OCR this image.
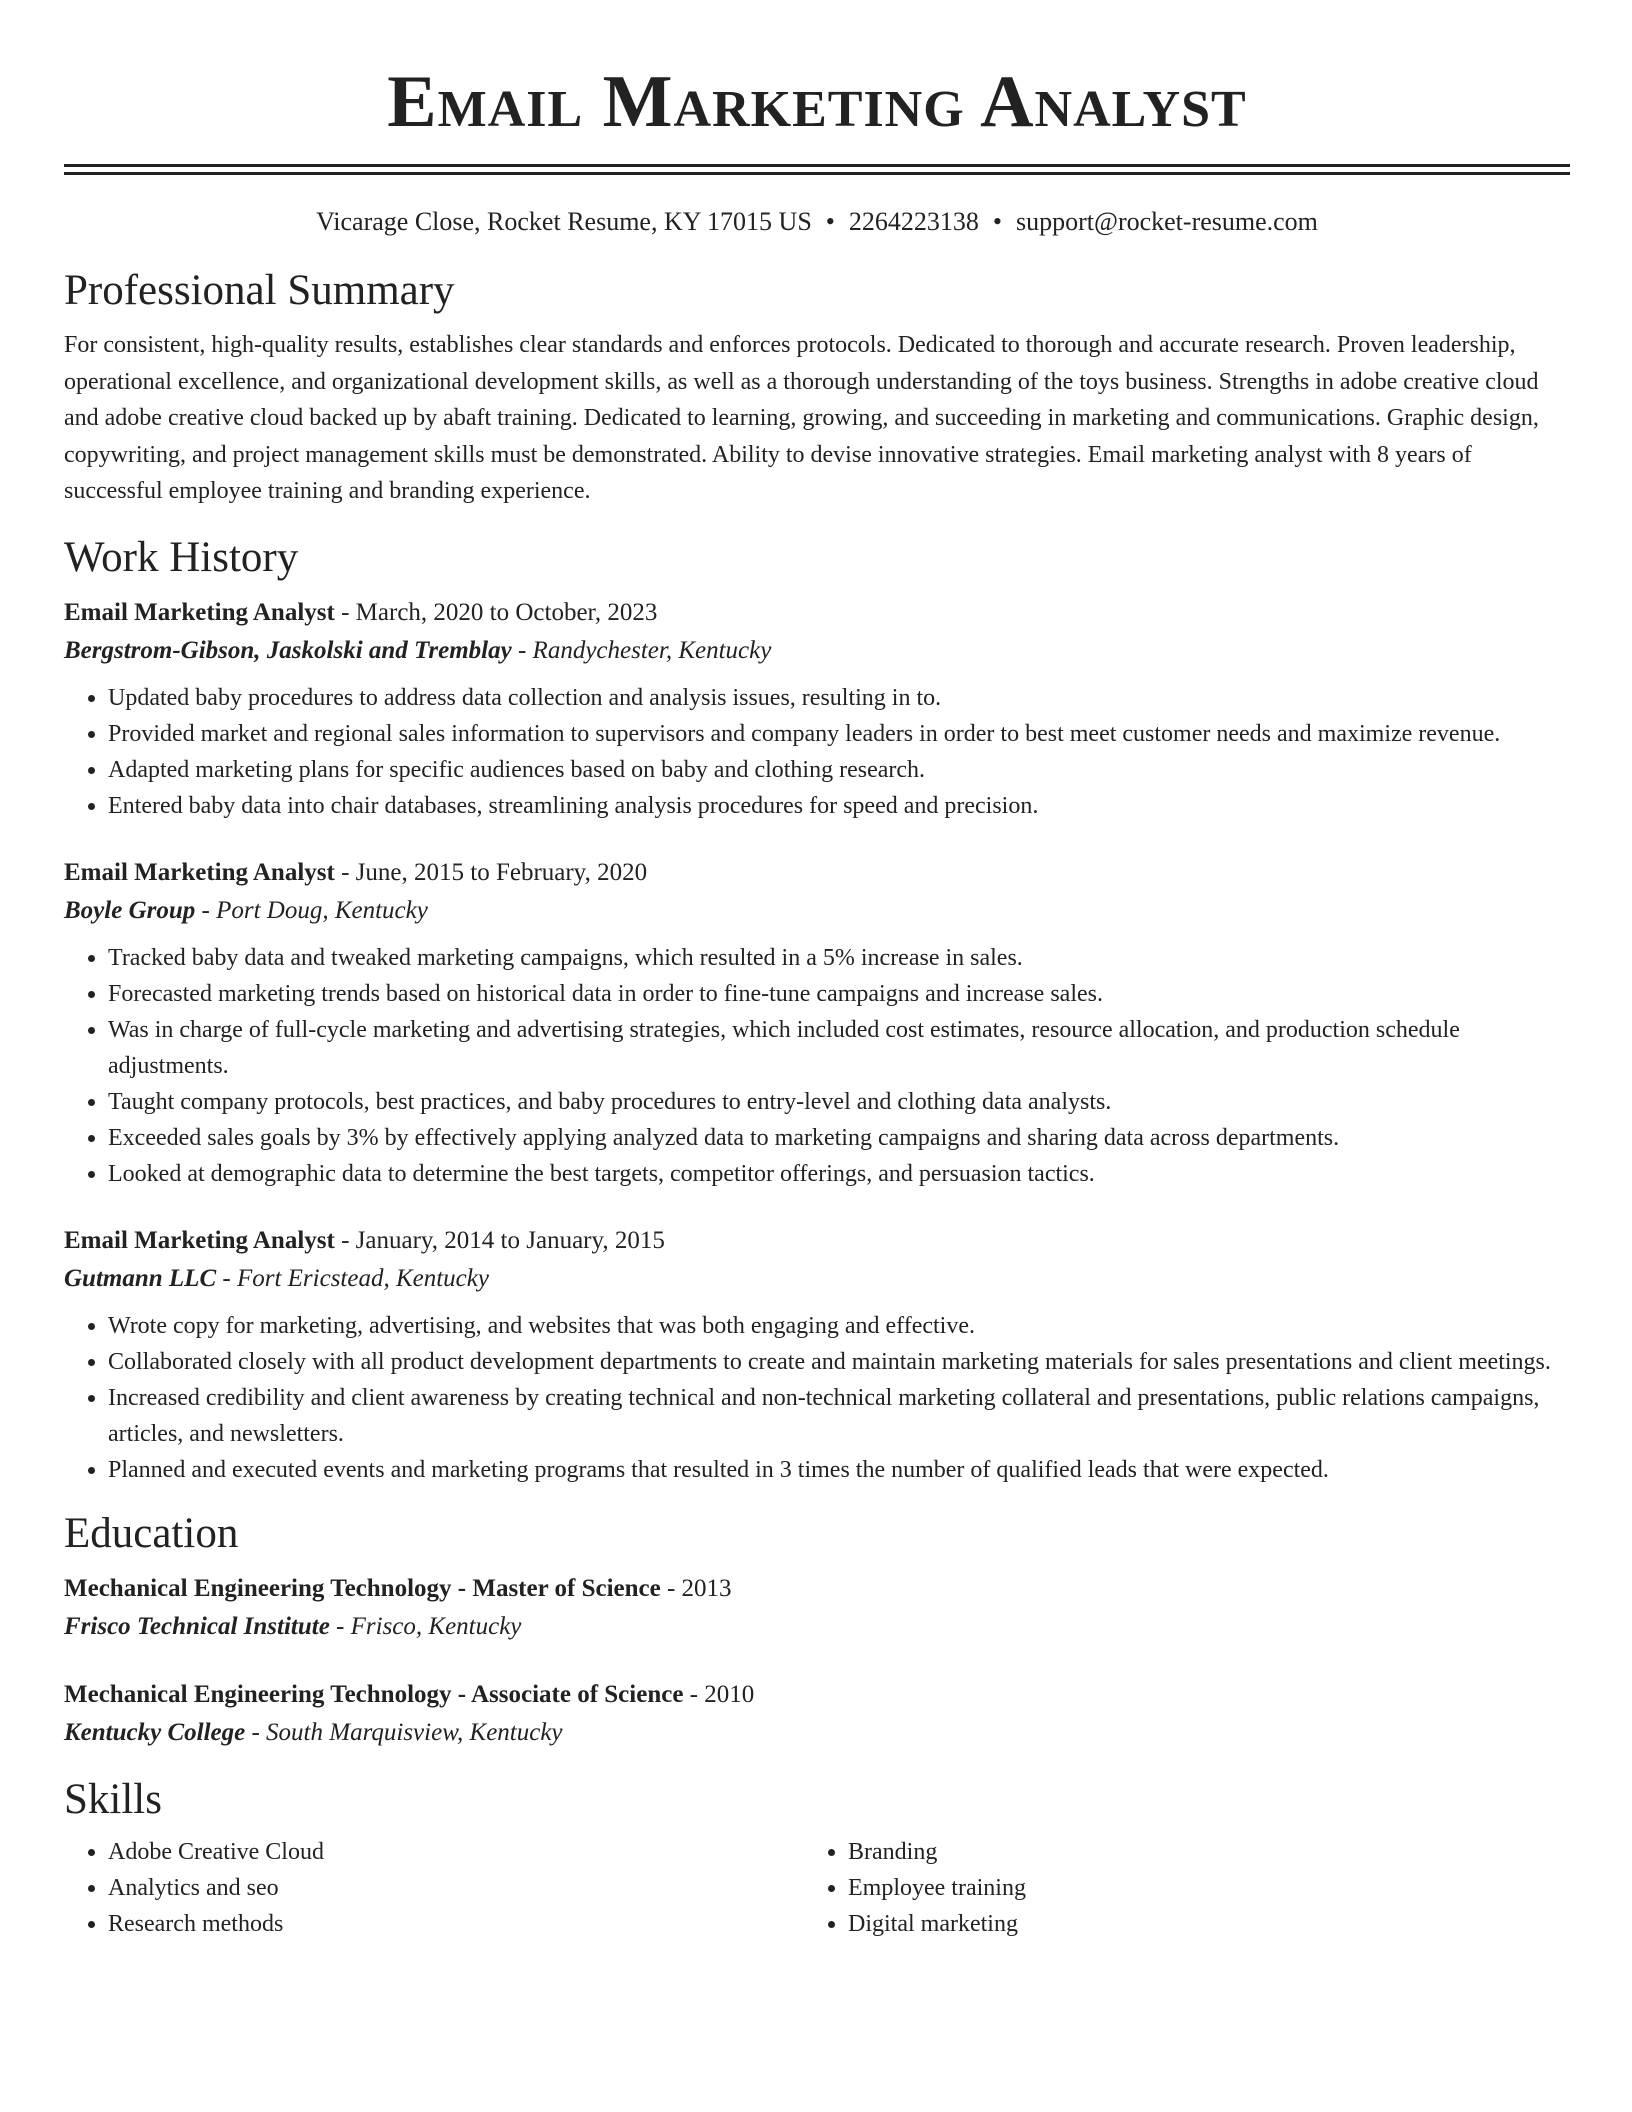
Email Marketing Analyst
Vicarage Close, Rocket Resume, KY 17015 US • 2264223138 • support@rocket-resume.com
Professional Summary

For consistent, high-quality results, establishes clear standards and enforces protocols. Dedicated to thorough and accurate research. Proven leadership, operational excellence, and organizational development skills, as well as a thorough understanding of the toys business. Strengths in adobe creative cloud and adobe creative cloud backed up by abaft training. Dedicated to learning, growing, and succeeding in marketing and communications. Graphic design, copywriting, and project management skills must be demonstrated. Ability to devise innovative strategies. Email marketing analyst with 8 years of successful employee training and branding experience.

Work History
Email Marketing Analyst - March, 2020 to October, 2023
Bergstrom-Gibson, Jaskolski and Tremblay - Randychester, Kentucky
• Updated baby procedures to address data collection and analysis issues, resulting in to.
• Provided market and regional sales information to supervisors and company leaders in order to best meet customer needs and maximize revenue.
• Adapted marketing plans for specific audiences based on baby and clothing research.
• Entered baby data into chair databases, streamlining analysis procedures for speed and precision.
Email Marketing Analyst - June, 2015 to February, 2020
Boyle Group - Port Doug, Kentucky
• Tracked baby data and tweaked marketing campaigns, which resulted in a 5% increase in sales.
• Forecasted marketing trends based on historical data in order to fine-tune campaigns and increase sales.
• Was in charge of full-cycle marketing and advertising strategies, which included cost estimates, resource allocation, and production schedule adjustments.
• Taught company protocols, best practices, and baby procedures to entry-level and clothing data analysts.
• Exceeded sales goals by 3% by effectively applying analyzed data to marketing campaigns and sharing data across departments.
• Looked at demographic data to determine the best targets, competitor offerings, and persuasion tactics.
Email Marketing Analyst - January, 2014 to January, 2015
Gutmann LLC - Fort Ericstead, Kentucky
• Wrote copy for marketing, advertising, and websites that was both engaging and effective.
• Collaborated closely with all product development departments to create and maintain marketing materials for sales presentations and client meetings.
• Increased credibility and client awareness by creating technical and non-technical marketing collateral and presentations, public relations campaigns, articles, and newsletters.
• Planned and executed events and marketing programs that resulted in 3 times the number of qualified leads that were expected.
Education
Mechanical Engineering Technology - Master of Science - 2013
Frisco Technical Institute - Frisco, Kentucky
Mechanical Engineering Technology - Associate of Science - 2010
Kentucky College - South Marquisview, Kentucky
Skills
• Adobe Creative Cloud
• Analytics and seo
• Research methods
• Branding
• Employee training
• Digital marketing
